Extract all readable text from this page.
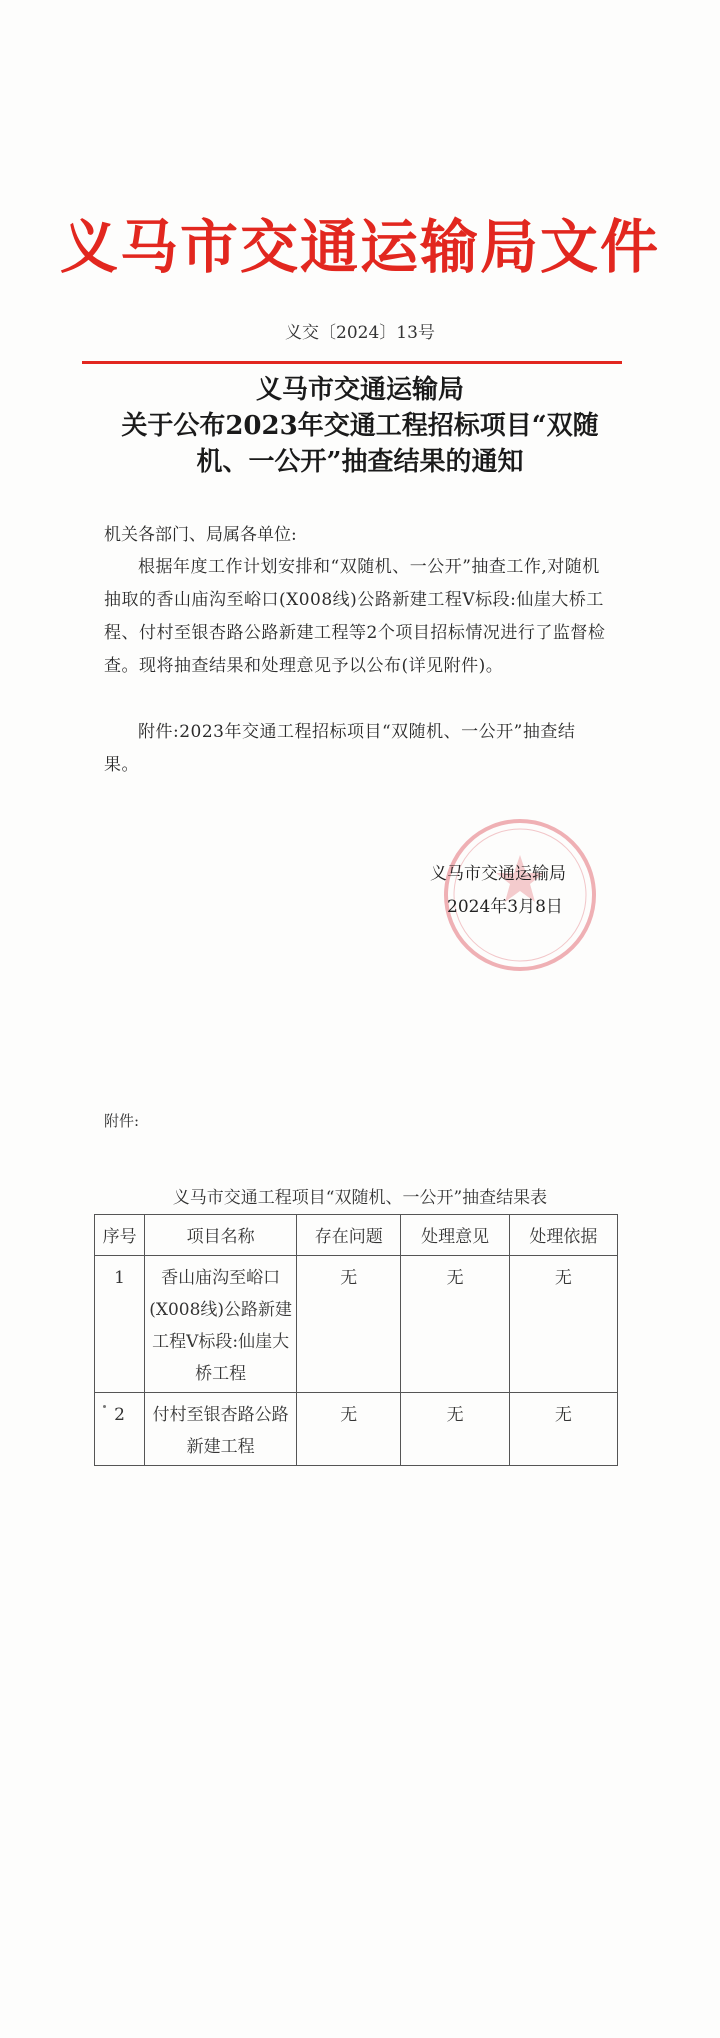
义马市交通运输局文件
义交〔2024〕13号
义马市交通运输局
关于公布2023年交通工程招标项目“双随
机、一公开”抽查结果的通知
机关各部门、局属各单位:
根据年度工作计划安排和“双随机、一公开”抽查工作,对随机抽取的香山庙沟至峪口(X008线)公路新建工程Ⅴ标段:仙崖大桥工程、付村至银杏路公路新建工程等2个项目招标情况进行了监督检查。现将抽查结果和处理意见予以公布(详见附件)。
附件:2023年交通工程招标项目“双随机、一公开”抽查结果。
义马市交通运输局
2024年3月8日
附件:
义马市交通工程项目“双随机、一公开”抽查结果表
序号	项目名称	存在问题	处理意见	处理依据
1	香山庙沟至峪口(X008线)公路新建工程Ⅴ标段:仙崖大桥工程	无	无	无
2	付村至银杏路公路新建工程	无	无	无
